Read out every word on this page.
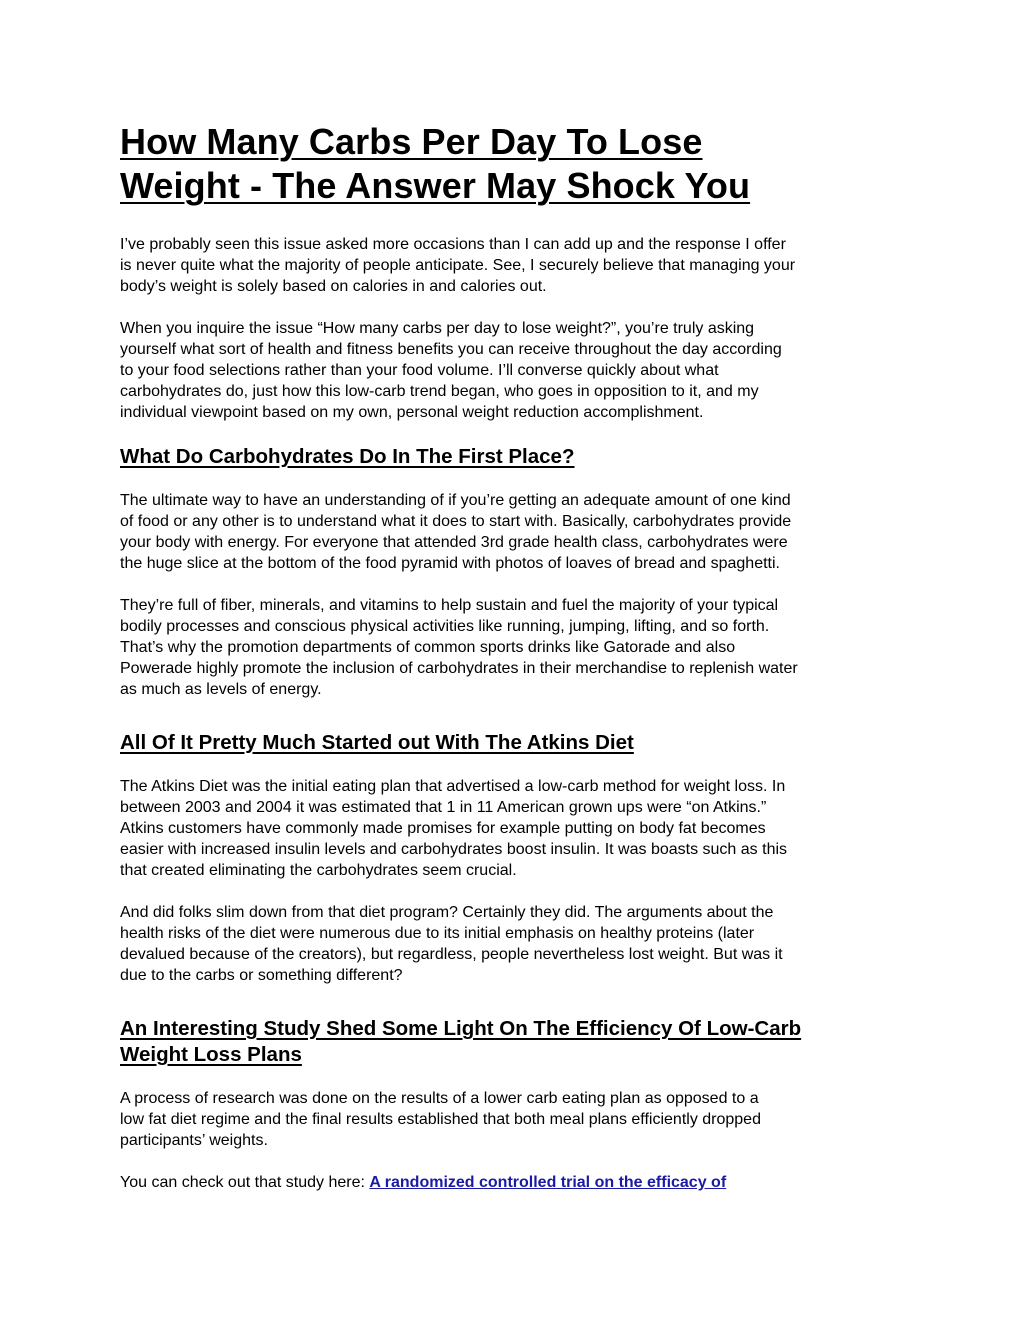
How Many Carbs Per Day To Lose
Weight - The Answer May Shock You

I’ve probably seen this issue asked more occasions than I can add up and the response I offer
is never quite what the majority of people anticipate. See, I securely believe that managing your
body’s weight is solely based on calories in and calories out.

When you inquire the issue “How many carbs per day to lose weight?”, you’re truly asking
yourself what sort of health and fitness benefits you can receive throughout the day according
to your food selections rather than your food volume. I’ll converse quickly about what
carbohydrates do, just how this low-carb trend began, who goes in opposition to it, and my
individual viewpoint based on my own, personal weight reduction accomplishment.

What Do Carbohydrates Do In The First Place?

The ultimate way to have an understanding of if you’re getting an adequate amount of one kind
of food or any other is to understand what it does to start with. Basically, carbohydrates provide
your body with energy. For everyone that attended 3rd grade health class, carbohydrates were
the huge slice at the bottom of the food pyramid with photos of loaves of bread and spaghetti.

They’re full of fiber, minerals, and vitamins to help sustain and fuel the majority of your typical
bodily processes and conscious physical activities like running, jumping, lifting, and so forth.
That’s why the promotion departments of common sports drinks like Gatorade and also
Powerade highly promote the inclusion of carbohydrates in their merchandise to replenish water
as much as levels of energy.

All Of It Pretty Much Started out With The Atkins Diet

The Atkins Diet was the initial eating plan that advertised a low-carb method for weight loss. In
between 2003 and 2004 it was estimated that 1 in 11 American grown ups were “on Atkins.”
Atkins customers have commonly made promises for example putting on body fat becomes
easier with increased insulin levels and carbohydrates boost insulin. It was boasts such as this
that created eliminating the carbohydrates seem crucial.

And did folks slim down from that diet program? Certainly they did. The arguments about the
health risks of the diet were numerous due to its initial emphasis on healthy proteins (later
devalued because of the creators), but regardless, people nevertheless lost weight. But was it
due to the carbs or something different?

An Interesting Study Shed Some Light On The Efficiency Of Low-Carb
Weight Loss Plans

A process of research was done on the results of a lower carb eating plan as opposed to a
low fat diet regime and the final results established that both meal plans efficiently dropped
participants’ weights.

You can check out that study here: A randomized controlled trial on the efficacy of
